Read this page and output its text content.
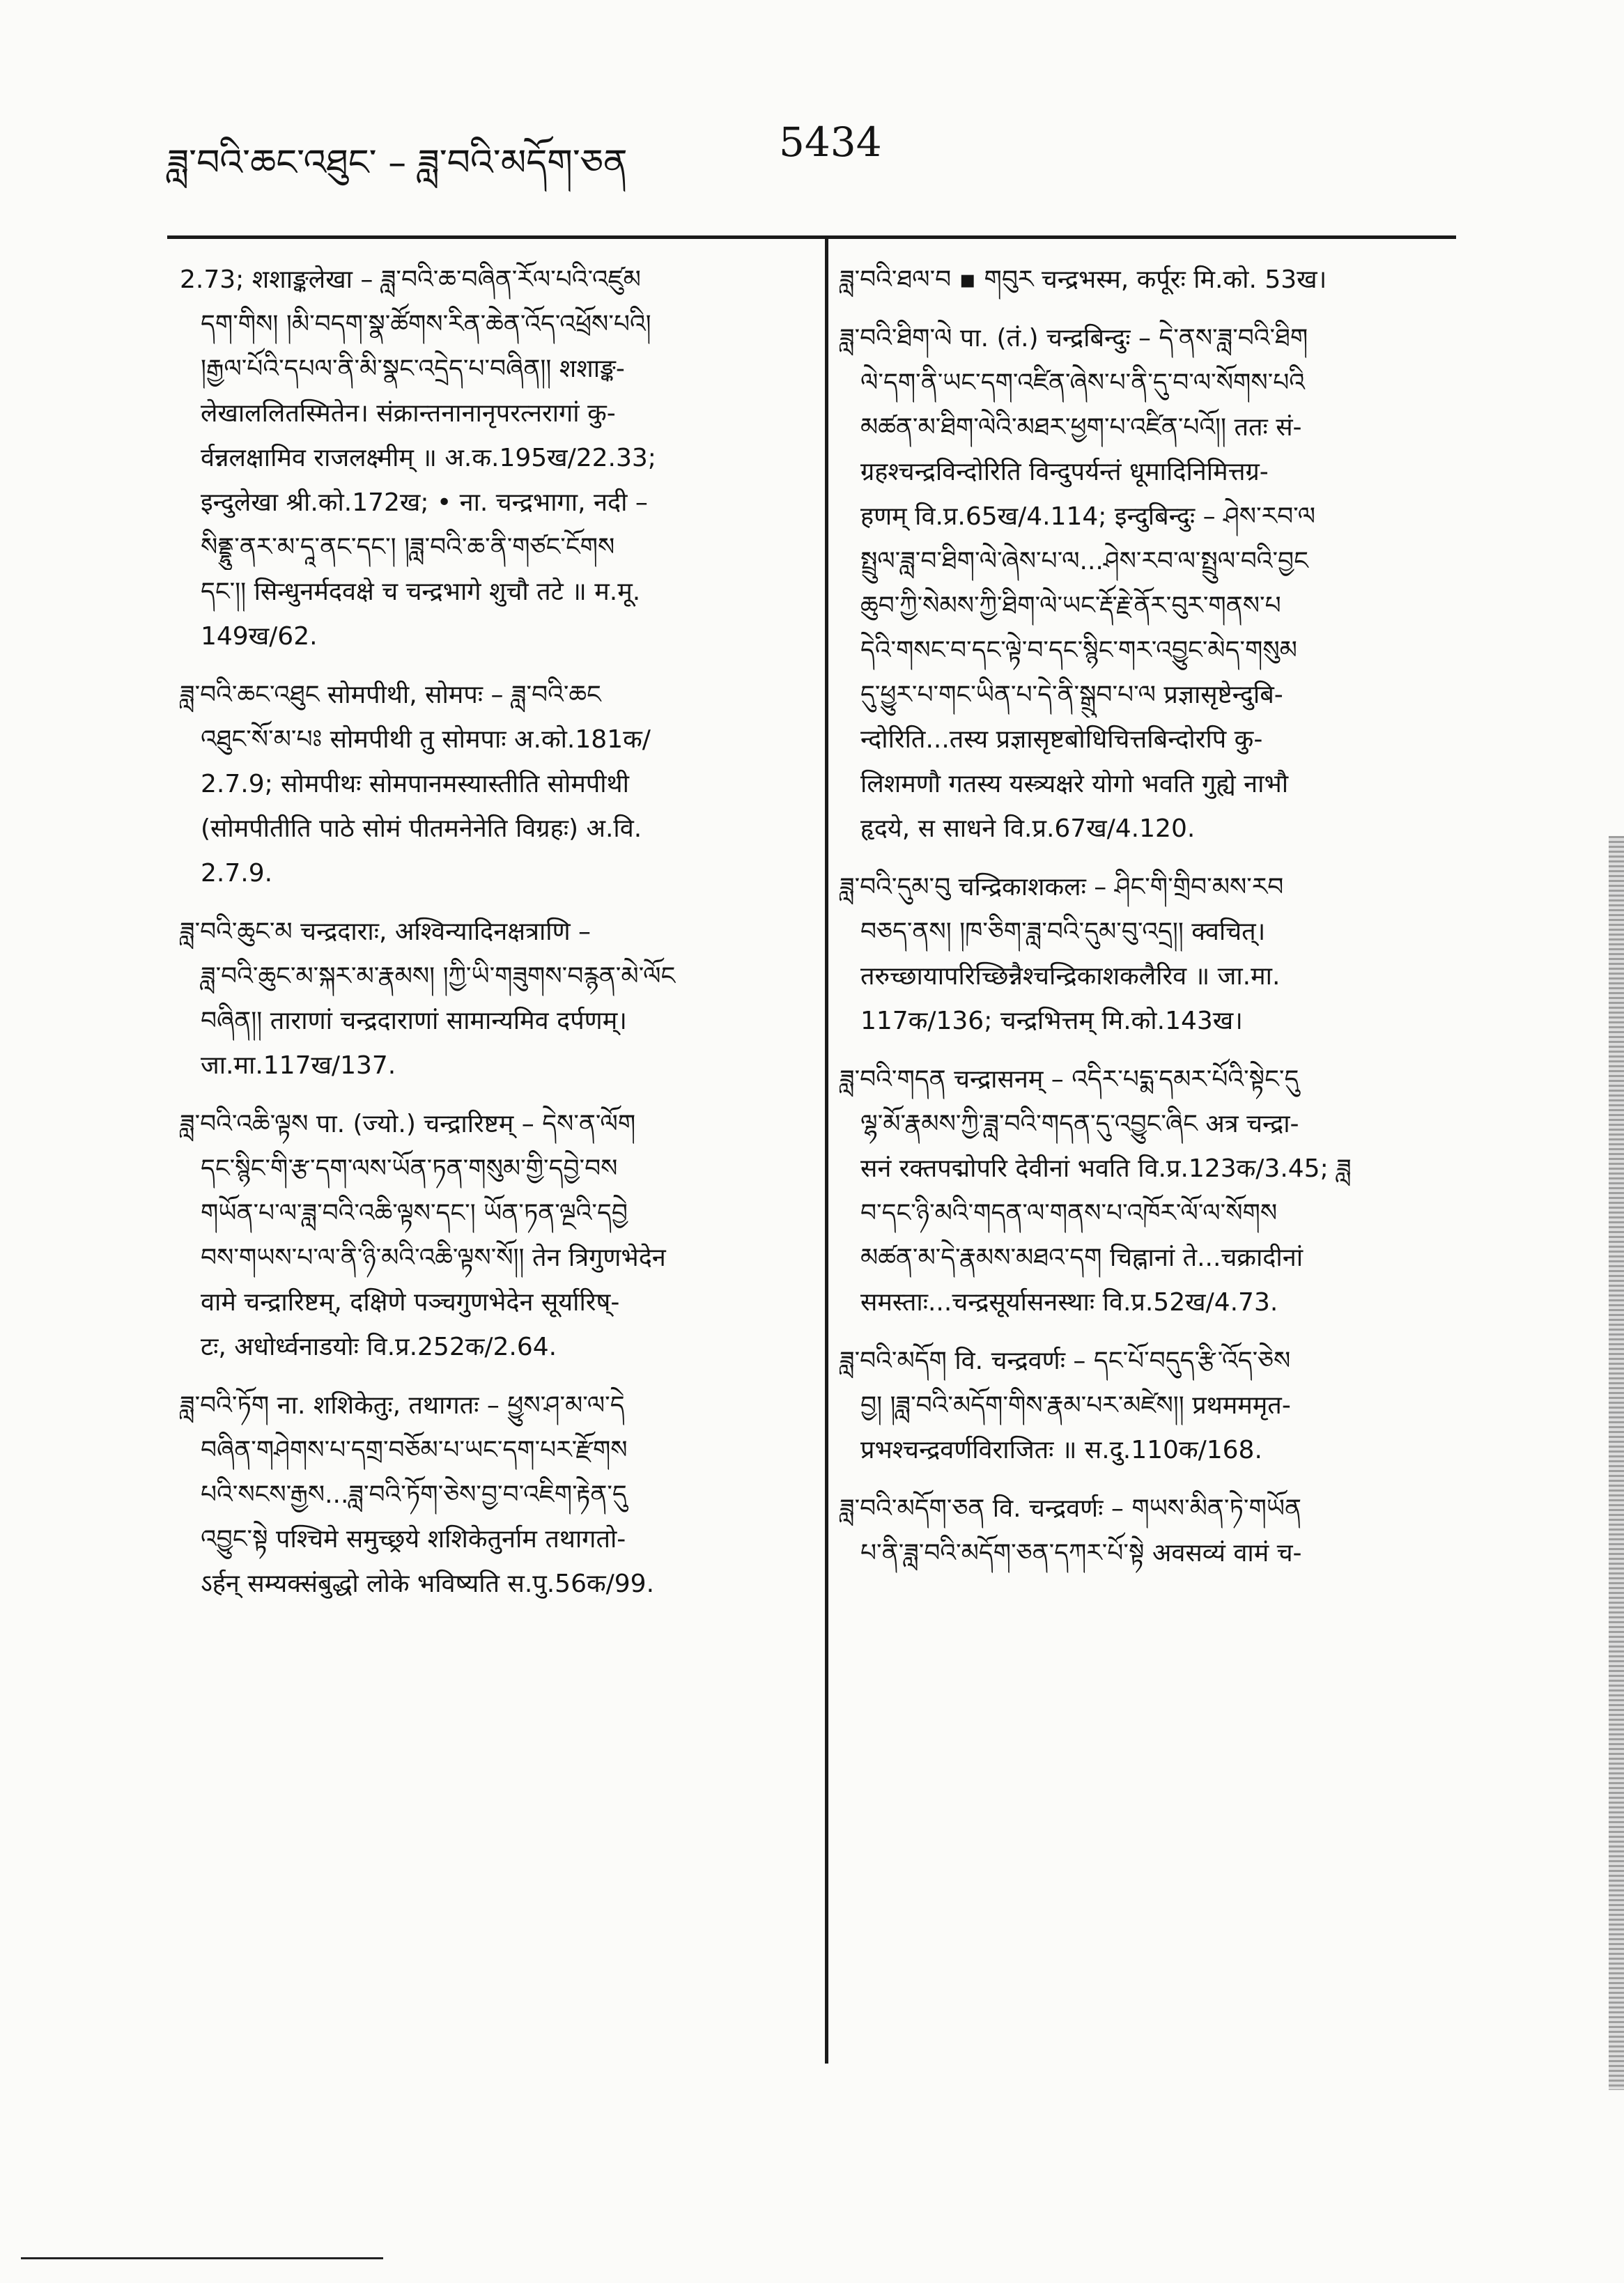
ཟླ་བའི་ཆང་འཐུང་ – ཟླ་བའི་མདོག་ཅན	5434
2.73; शशाङ्कलेखा – ཟླ་བའི་ཆ་བཞིན་རོལ་པའི་འཛུམ
དག་གིས། །མི་བདག་སྣ་ཚོགས་རིན་ཆེན་འོད་འཕྲོས་པའི།
།རྒྱལ་པོའི་དཔལ་ནི་མི་སྣང་འདྲེད་པ་བཞིན།། शशाङ्क-
लेखाललितस्मितेन। संक्रान्तनानानृपरत्नरागां कु-
र्वन्नलक्षामिव राजलक्ष्मीम् ॥ अ.क.195ख/22.33;
इन्दुलेखा श्री.को.172ख; • ना. चन्द्रभागा, नदी –
སིནྡྷུ་ནར་མ་དཱ་ནང་དང་། །ཟླ་བའི་ཆ་ནི་གཙང་ངོགས
དང་།། सिन्धुनर्मदवक्षे च चन्द्रभागे शुचौ तटे ॥ म.मू.
149ख/62.
ཟླ་བའི་ཆང་འཐུང सोमपीथी, सोमपः – ཟླ་བའི་ཆང
འཐུང་སོ་མ་པཿ सोमपीथी तु सोमपाः अ.को.181क/
2.7.9; सोमपीथः सोमपानमस्यास्तीति सोमपीथी
(सोमपीतीति पाठे सोमं पीतमनेनेति विग्रहः) अ.वि.
2.7.9.
ཟླ་བའི་ཆུང་མ चन्द्रदाराः, अश्विन्यादिनक्षत्राणि –
ཟླ་བའི་ཆུང་མ་སྐར་མ་རྣམས། །ཀྱི་ཡི་གཟུགས་བརྙན་མེ་ལོང
བཞིན།། ताराणां चन्द्रदाराणां सामान्यमिव दर्पणम्।
जा.मा.117ख/137.
ཟླ་བའི་འཆི་ལྟས पा. (ज्यो.) चन्द्रारिष्टम् – དེས་ན་ལོག
དང་སྙིང་གི་རྩ་དག་ལས་ཡོན་ཏན་གསུམ་གྱི་དབྱེ་བས
གཡོན་པ་ལ་ཟླ་བའི་འཆི་ལྟས་དང་། ཡོན་ཏན་ལྔའི་དབྱེ
བས་གཡས་པ་ལ་ནི་ཉི་མའི་འཆི་ལྟས་སོ།། तेन त्रिगुणभेदेन
वामे चन्द्रारिष्टम्, दक्षिणे पञ्चगुणभेदेन सूर्यारिष्-
टः, अधोर्ध्वनाडयोः वि.प्र.252क/2.64.
ཟླ་བའི་ཏོག ना. शशिकेतुः, तथागतः – ཕྱུས་ཤ་མ་ལ་དེ
བཞིན་གཤེགས་པ་དགྲ་བཅོམ་པ་ཡང་དག་པར་རྫོགས
པའི་སངས་རྒྱས...ཟླ་བའི་ཏོག་ཅེས་བྱ་བ་འཇིག་རྟེན་དུ
འབྱུང་སྟེ पश्चिमे समुच्छ्रये शशिकेतुर्नाम तथागतो-
ऽर्हन् सम्यक्संबुद्धो लोके भविष्यति स.पु.56क/99.
ཟླ་བའི་ཐལ་བ ▪ གབུར चन्द्रभस्म, कर्पूरः मि.को. 53ख।
ཟླ་བའི་ཐིག་ལེ पा. (तं.) चन्द्रबिन्दुः – དེ་ནས་ཟླ་བའི་ཐིག
ལེ་དག་ནི་ཡང་དག་འཛིན་ཞེས་པ་ནི་དུ་བ་ལ་སོགས་པའི
མཚན་མ་ཐིག་ལེའི་མཐར་ཕྱག་པ་འཛིན་པའོ།། ततः सं-
ग्रहश्चन्द्रविन्दोरिति विन्दुपर्यन्तं धूमादिनिमित्तग्र-
हणम् वि.प्र.65ख/4.114; इन्दुबिन्दुः – ཤེས་རབ་ལ
སྤྲུལ་ཟླ་བ་ཐིག་ལེ་ཞེས་པ་ལ...ཤེས་རབ་ལ་སྤྲུལ་བའི་བྱང
ཆུབ་ཀྱི་སེམས་ཀྱི་ཐིག་ལེ་ཡང་རྡོ་རྗེ་ནོར་བུར་གནས་པ
དེའི་གསང་བ་དང་ལྟེ་བ་དང་སྙིང་གར་འབྱུང་མེད་གསུམ
དུ་ཕྱུར་པ་གང་ཡིན་པ་དེ་ནི་སྒྲུབ་པ་ལ प्रज्ञासृष्टेन्दुबि-
न्दोरिति...तस्य प्रज्ञासृष्टबोधिचित्तबिन्दोरपि कु-
लिशमणौ गतस्य यस्त्र्यक्षरे योगो भवति गुह्ये नाभौ
हृदये, स साधने वि.प्र.67ख/4.120.
ཟླ་བའི་དུམ་བུ चन्द्रिकाशकलः – ཤིང་གི་གྲིབ་མས་རབ
བཅད་ནས། །ཁ་ཅིག་ཟླ་བའི་དུམ་བུ་འདྲ།། क्वचित्।
तरुच्छायापरिच्छिन्नैश्चन्द्रिकाशकलैरिव ॥ जा.मा.
117क/136; चन्द्रभित्तम् मि.को.143ख।
ཟླ་བའི་གདན चन्द्रासनम् – འདིར་པདྨ་དམར་པོའི་སྟེང་དུ
ལྷ་མོ་རྣམས་ཀྱི་ཟླ་བའི་གདན་དུ་འབྱུང་ཞིང अत्र चन्द्रा-
सनं रक्तपद्मोपरि देवीनां भवति वि.प्र.123क/3.45; ཟླ
བ་དང་ཉི་མའི་གདན་ལ་གནས་པ་འཁོར་ལོ་ལ་སོགས
མཚན་མ་དེ་རྣམས་མཐའ་དག चिह्नानां ते...चक्रादीनां
समस्ताः...चन्द्रसूर्यासनस्थाः वि.प्र.52ख/4.73.
ཟླ་བའི་མདོག वि. चन्द्रवर्णः – དང་པོ་བདུད་རྩི་འོད་ཅེས
བྱ། །ཟླ་བའི་མདོག་གིས་རྣམ་པར་མཛེས།། प्रथमममृत-
प्रभश्चन्द्रवर्णविराजितः ॥ स.दु.110क/168.
ཟླ་བའི་མདོག་ཅན वि. चन्द्रवर्णः – གཡས་མིན་ཏེ་གཡོན
པ་ནི་ཟླ་བའི་མདོག་ཅན་དཀར་པོ་སྟེ अवसव्यं वामं च-
